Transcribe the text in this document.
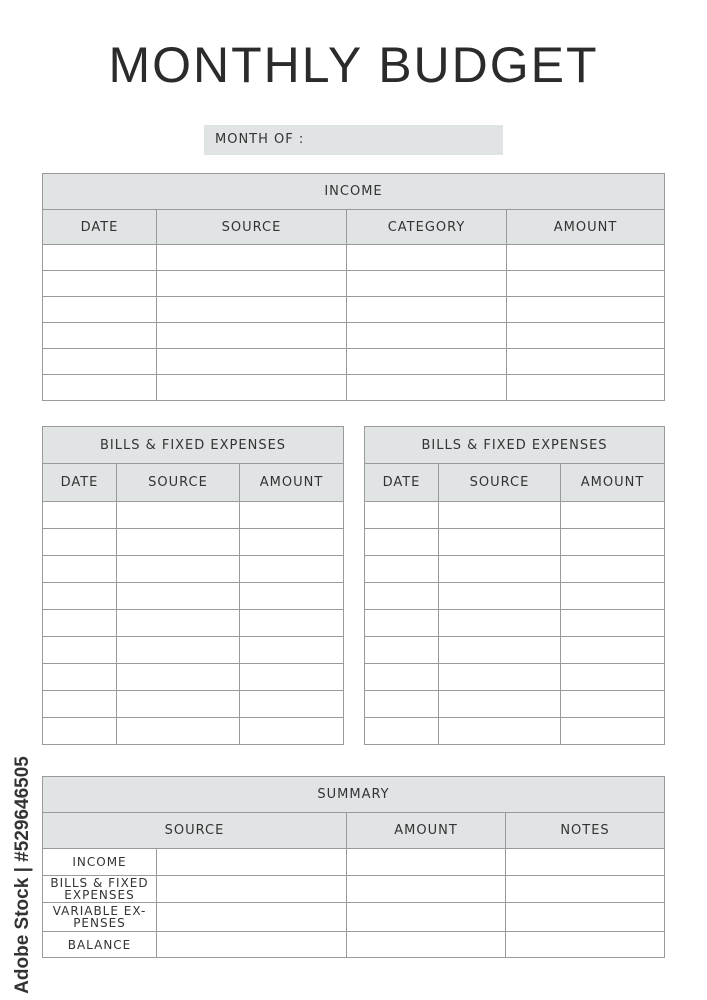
MONTHLY BUDGET
MONTH OF :
INCOME			
DATE	SOURCE	CATEGORY	AMOUNT

BILLS & FIXED EXPENSES		
DATE	SOURCE	AMOUNT

BILLS & FIXED EXPENSES		
DATE	SOURCE	AMOUNT

SUMMARY			
SOURCE		AMOUNT	NOTES
INCOME			
BILLS & FIXED EXPENSES			
VARIABLE EX-PENSES			
BALANCE			
Adobe Stock | #529646505
